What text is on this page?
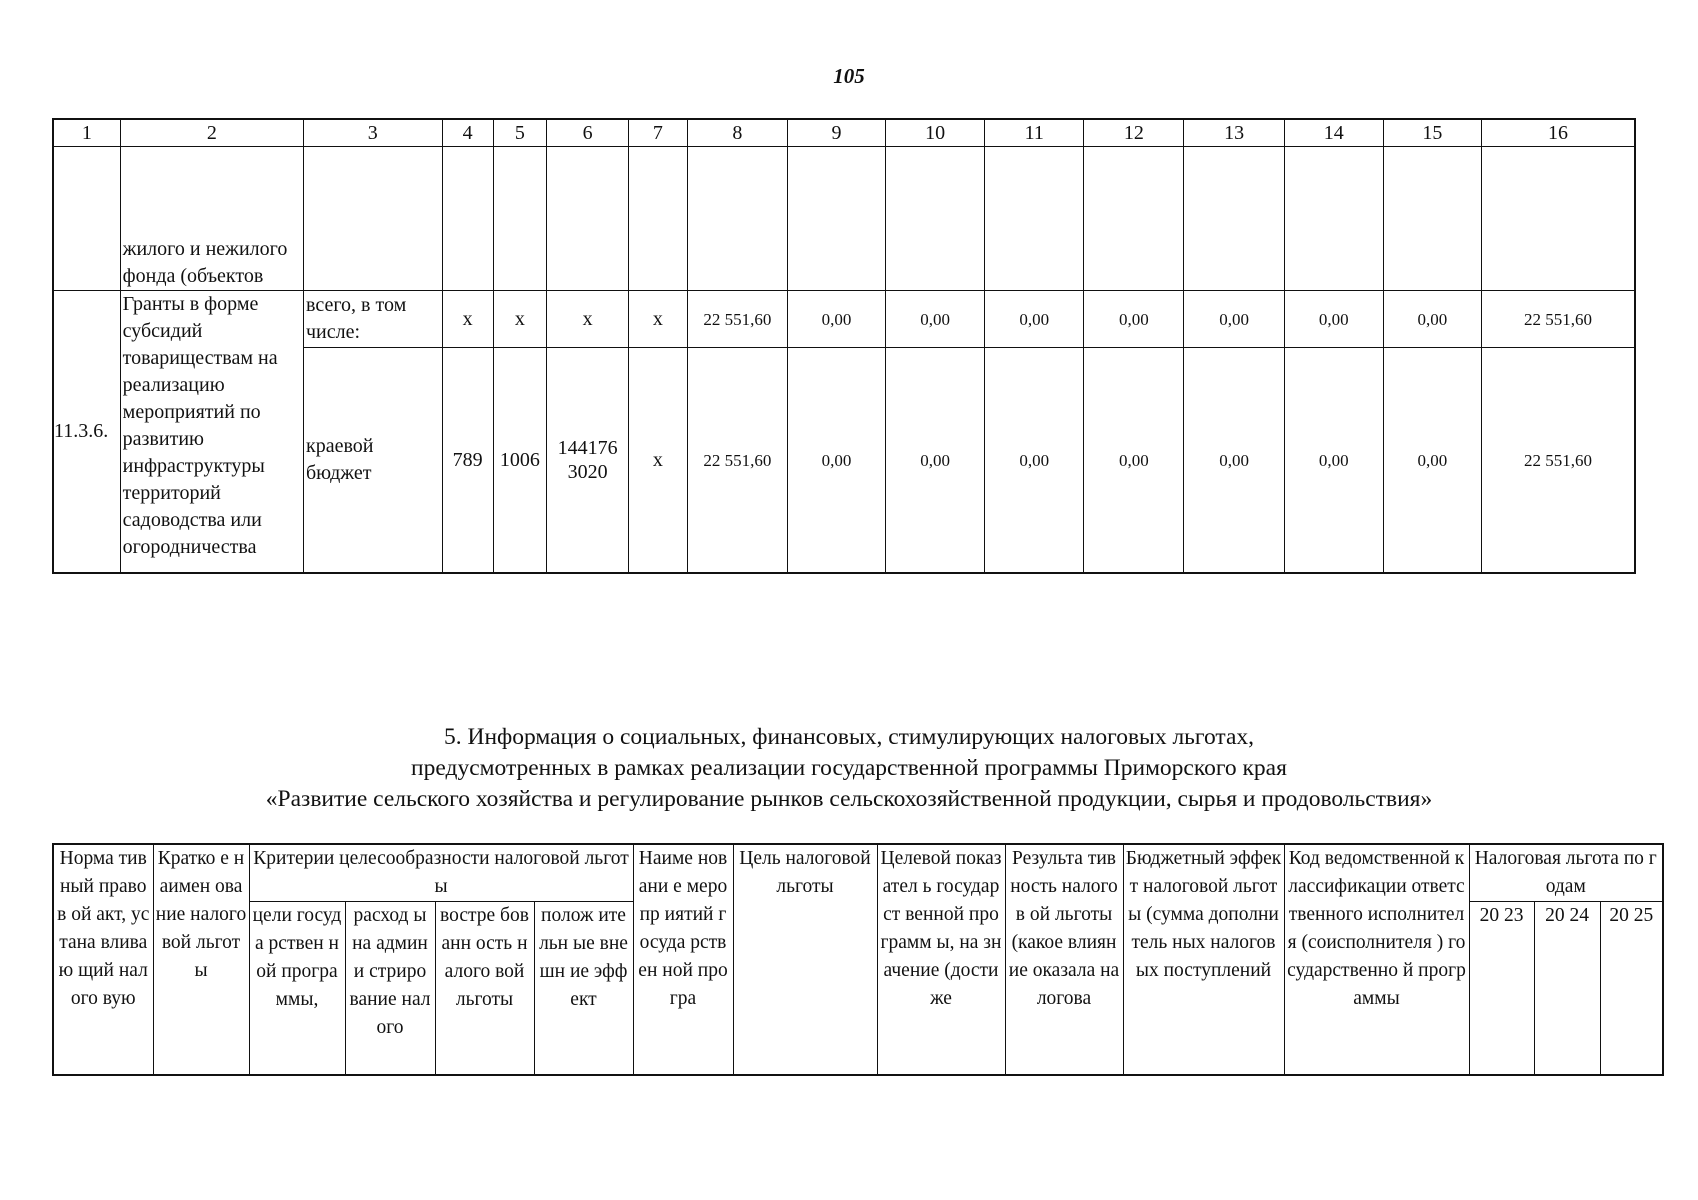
105
1	2	3	4	5	6	7	8	9	10	11	12	13	14	15	16
	жилого и нежилого фонда (объектов														
11.3.6.	Гранты в форме субсидий товариществам на реализацию мероприятий по развитию инфраструктуры территорий садоводства или огородничества	всего, в том числе:	x	x	x	x	22 551,60	0,00	0,00	0,00	0,00	0,00	0,00	0,00	22 551,60
		краевой бюджет	789	1006	144176 3020	x	22 551,60	0,00	0,00	0,00	0,00	0,00	0,00	0,00	22 551,60
5. Информация о социальных, финансовых, стимулирующих налоговых льготах,
предусмотренных в рамках реализации государственной программы Приморского края
«Развитие сельского хозяйства и регулирование рынков сельскохозяйственной продукции, сырья и продовольствия»
Норма тивный правов ой акт, устана вливаю щий налого вую	Кратко е наимен ование налого вой льготы	Критерии целесообразности налоговой льготы				Наиме новани е меропр иятий госуда рствен ной програ	Цель налоговой льготы	Целевой показател ь государст венной программ ы, на значение (достиже	Результа тивность налогов ой льготы (какое влияние оказала налогова	Бюджетный эффект налоговой льготы (сумма дополнитель ных налоговых поступлений	Код ведомственной классификации ответственного исполнителя (соисполнителя ) государственно й программы	Налоговая льгота по годам		
		цели госуда рствен ной програ ммы,	расход ы на админи стриро вание налого	востре бованн ость налого вой льготы	полож ительн ые внешн ие эффект							20 23	20 24	20 25
